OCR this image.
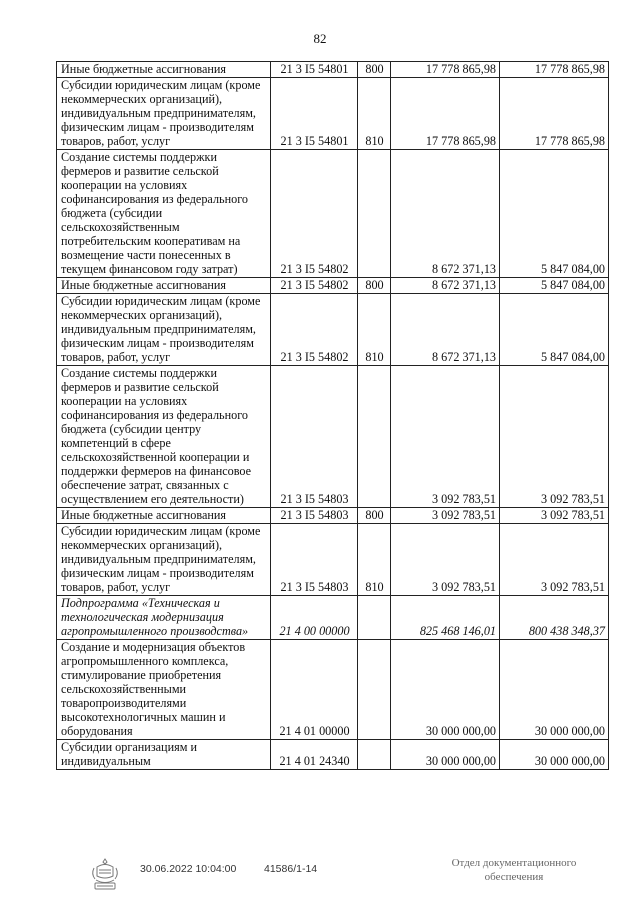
82
Иные бюджетные ассигнования	21 3 I5 54801	800	17 778 865,98	17 778 865,98
Субсидии юридическим лицам (кроме некоммерческих организаций), индивидуальным предпринимателям, физическим лицам - производителям товаров, работ, услуг	21 3 I5 54801	810	17 778 865,98	17 778 865,98
Создание системы поддержки фермеров и развитие сельской кооперации на условиях софинансирования из федерального бюджета (субсидии сельскохозяйственным потребительским кооперативам на возмещение части понесенных в текущем финансовом году затрат)	21 3 I5 54802		8 672 371,13	5 847 084,00
Иные бюджетные ассигнования	21 3 I5 54802	800	8 672 371,13	5 847 084,00
Субсидии юридическим лицам (кроме некоммерческих организаций), индивидуальным предпринимателям, физическим лицам - производителям товаров, работ, услуг	21 3 I5 54802	810	8 672 371,13	5 847 084,00
Создание системы поддержки фермеров и развитие сельской кооперации на условиях софинансирования из федерального бюджета (субсидии центру компетенций в сфере сельскохозяйственной кооперации и поддержки фермеров на финансовое обеспечение затрат, связанных с осуществлением его деятельности)	21 3 I5 54803		3 092 783,51	3 092 783,51
Иные бюджетные ассигнования	21 3 I5 54803	800	3 092 783,51	3 092 783,51
Субсидии юридическим лицам (кроме некоммерческих организаций), индивидуальным предпринимателям, физическим лицам - производителям товаров, работ, услуг	21 3 I5 54803	810	3 092 783,51	3 092 783,51
Подпрограмма «Техническая и технологическая модернизация агропромышленного производства»	21 4 00 00000		825 468 146,01	800 438 348,37
Создание и модернизация объектов агропромышленного комплекса, стимулирование приобретения сельскохозяйственными товаропроизводителями высокотехнологичных машин и оборудования	21 4 01 00000		30 000 000,00	30 000 000,00
Субсидии организациям и индивидуальным	21 4 01 24340		30 000 000,00	30 000 000,00
30.06.2022 10:04:00	41586/1-14	Отдел документационного
обеспечения
